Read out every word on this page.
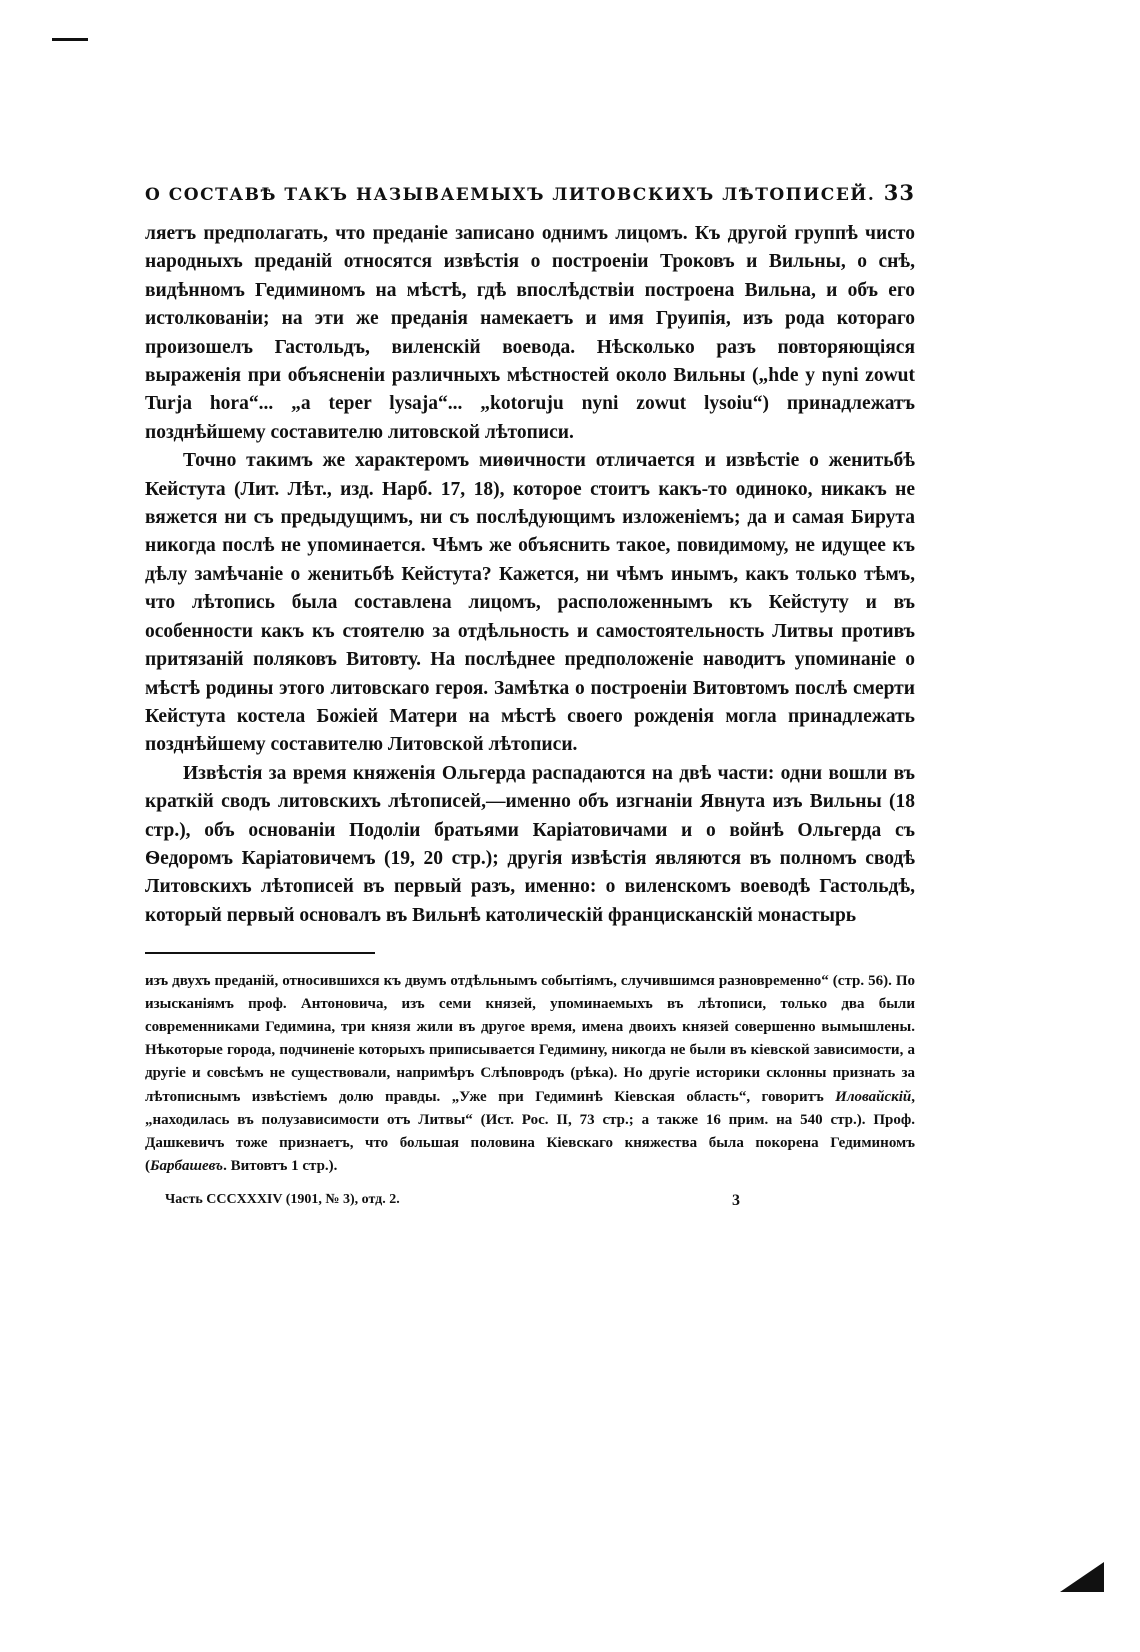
О СОСТАВѢ ТАКЪ НАЗЫВАЕМЫХЪ ЛИТОВСКИХЪ ЛѢТОПИСЕЙ. 33

ляетъ предполагать, что преданіе записано однимъ лицомъ. Къ другой группѣ чисто народныхъ преданій относятся извѣстія о построеніи Троковъ и Вильны, о снѣ, видѣнномъ Гедиминомъ на мѣстѣ, гдѣ впослѣдствіи построена Вильна, и объ его истолкованіи; на эти же преданія намекаетъ и имя Груипія, изъ рода котораго произошелъ Гастольдъ, виленскій воевода. Нѣсколько разъ повторяющіяся выраженія при объясненіи различныхъ мѣстностей около Вильны („hde y nyni zowut Turja hora“... „a teper lysaja“... „kotoruju nyni zowut lysoiu“) принадлежатъ позднѣйшему составителю литовской лѣтописи.

Точно такимъ же характеромъ миѳичности отличается и извѣстіе о женитьбѣ Кейстута (Лит. Лѣт., изд. Нарб. 17, 18), которое стоитъ какъ-то одиноко, никакъ не вяжется ни съ предыдущимъ, ни съ послѣдующимъ изложеніемъ; да и самая Бирута никогда послѣ не упоминается. Чѣмъ же объяснить такое, повидимому, не идущее къ дѣлу замѣчаніе о женитьбѣ Кейстута? Кажется, ни чѣмъ инымъ, какъ только тѣмъ, что лѣтопись была составлена лицомъ, расположеннымъ къ Кейстуту и въ особенности какъ къ стоятелю за отдѣльность и самостоятельность Литвы противъ притязаній поляковъ Витовту. На послѣднее предположеніе наводитъ упоминаніе о мѣстѣ родины этого литовскаго героя. Замѣтка о построеніи Витовтомъ послѣ смерти Кейстута костела Божіей Матери на мѣстѣ своего рожденія могла принадлежать позднѣйшему составителю Литовской лѣтописи.

Извѣстія за время княженія Ольгерда распадаются на двѣ части: одни вошли въ краткій сводъ литовскихъ лѣтописей,—именно объ изгнаніи Явнута изъ Вильны (18 стр.), объ основаніи Подоліи братьями Каріатовичами и о войнѣ Ольгерда съ Ѳедоромъ Каріатовичемъ (19, 20 стр.); другія извѣстія являются въ полномъ сводѣ Литовскихъ лѣтописей въ первый разъ, именно: о виленскомъ воеводѣ Гастольдѣ, который первый основалъ въ Вильнѣ католическій францисканскій монастырь

изъ двухъ преданій, относившихся къ двумъ отдѣльнымъ событіямъ, случившимся разновременно“ (стр. 56). По изысканіямъ проф. Антоновича, изъ семи князей, упоминаемыхъ въ лѣтописи, только два были современниками Гедимина, три князя жили въ другое время, имена двоихъ князей совершенно вымышлены. Нѣкоторые города, подчиненіе которыхъ приписывается Гедимину, никогда не были въ кіевской зависимости, а другіе и совсѣмъ не существовали, напримѣръ Слѣповродъ (рѣка). Но другіе историки склонны признать за лѣтописнымъ извѣстіемъ долю правды. „Уже при Гедиминѣ Кіевская область“, говоритъ Иловайскій, „находилась въ полузависимости отъ Литвы“ (Ист. Рос. II, 73 стр.; а также 16 прим. на 540 стр.). Проф. Дашкевичъ тоже признаетъ, что большая половина Кіевскаго княжества была покорена Гедиминомъ (Барбашевъ. Витовтъ 1 стр.).

Часть CCCXXXIV (1901, № 3), отд. 2.	3
